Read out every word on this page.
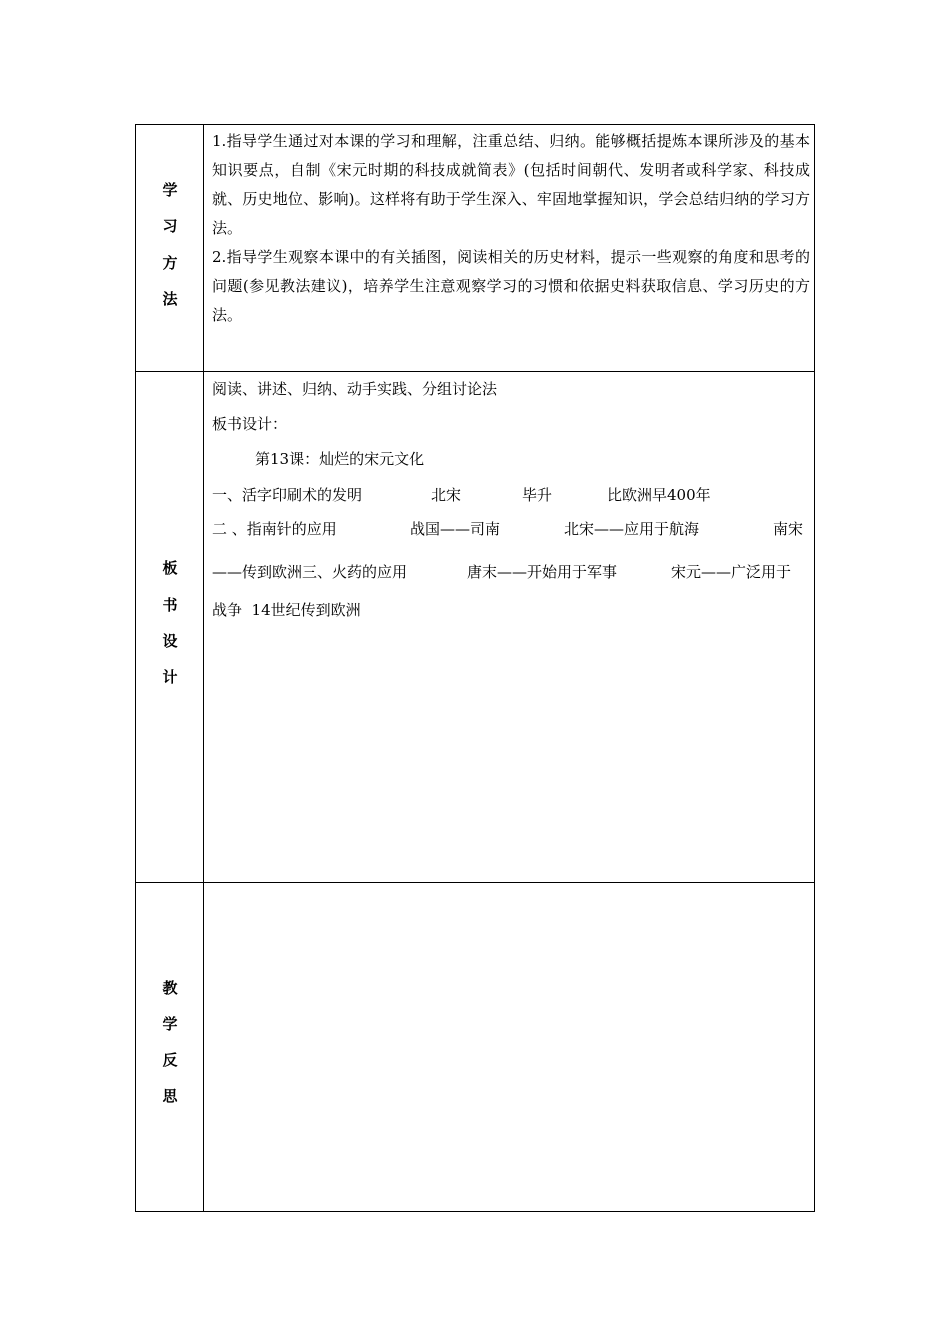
学
习
方
法
1.指导学生通过对本课的学习和理解，注重总结、归纳。能够概括提炼本课所涉及的基本知识要点，自制《宋元时期的科技成就简表》(包括时间朝代、发明者或科学家、科技成就、历史地位、影响)。这样将有助于学生深入、牢固地掌握知识，学会总结归纳的学习方法。
2.指导学生观察本课中的有关插图，阅读相关的历史材料，提示一些观察的角度和思考的问题(参见教法建议)，培养学生注意观察学习的习惯和依据史料获取信息、学习历史的方法。
板
书
设
计
阅读、讲述、归纳、动手实践、分组讨论法
板书设计：
第13课：灿烂的宋元文化
一、活字印刷术的发明	北宋	毕升	比欧洲早400年
二 、指南针的应用	战国——司南	北宋——应用于航海	南宋
——传到欧洲三、火药的应用	唐末——开始用于军事	宋元——广泛用于
战争  14世纪传到欧洲
教
学
反
思
